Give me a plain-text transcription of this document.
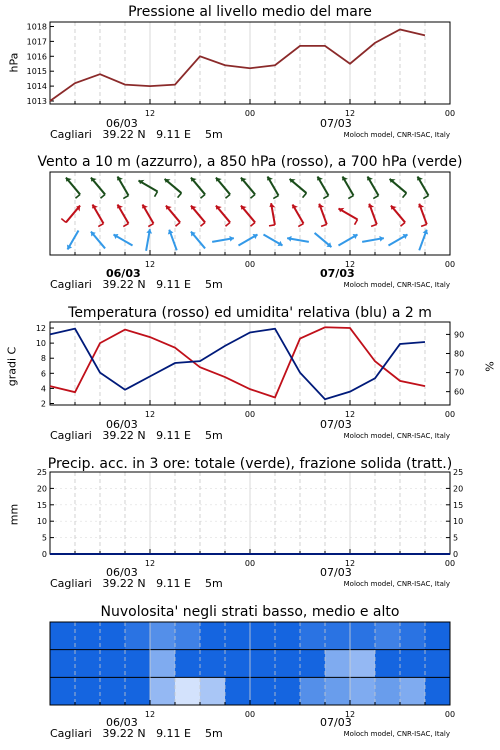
12	00	12	00
1013
1014
1015
1016
1017
1018
12	00	12	00
12	00	12	00
2
4
6
8
10
12
60
70
80
90
12	00	12	00
0	0
5	5
10	10
15	15
20	20
25	25
12	00	12	00
Pressione al livello medio del mare
hPa
06/03	07/03
Cagliari 39.22 N 9.11 E 5m	Moloch model, CNR-ISAC, Italy
Vento a 10 m (azzurro), a 850 hPa (rosso), a 700 hPa (verde)
06/03	07/03
Cagliari 39.22 N 9.11 E 5m	Moloch model, CNR-ISAC, Italy
Temperatura (rosso) ed umidita' relativa (blu) a 2 m
gradi C	%
06/03	07/03
Cagliari 39.22 N 9.11 E 5m	Moloch model, CNR-ISAC, Italy
Precip. acc. in 3 ore: totale (verde), frazione solida (tratt.)
mm
06/03	07/03
Cagliari 39.22 N 9.11 E 5m	Moloch model, CNR-ISAC, Italy
Nuvolosita' negli strati basso, medio e alto
06/03	07/03
Cagliari 39.22 N 9.11 E 5m	Moloch model, CNR-ISAC, Italy
